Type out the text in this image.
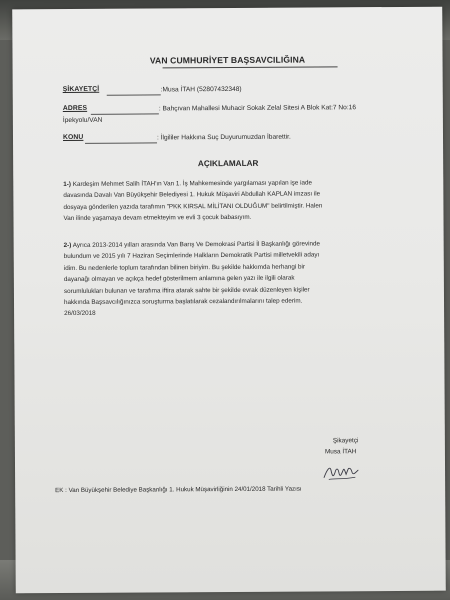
VAN CUMHURİYET BAŞSAVCILIĞINA
ŞİKAYETÇİ	:Musa İTAH (52807432348)
ADRES	: Bahçıvan Mahallesi Muhacir Sokak Zelal Sitesi A Blok Kat:7 No:16
İpekyolu/VAN
KONU	: İlgililer Hakkına Suç Duyurumuzdan İbarettir.
AÇIKLAMALAR
1-) Kardeşim Mehmet Salih İTAH'ın Van 1. İş Mahkemesinde yargılaması yapılan işe iade
davasında Davalı Van Büyükşehir Belediyesi 1. Hukuk Müşaviri Abdullah KAPLAN imzası ile
dosyaya gönderilen yazıda tarafımın "PKK KIRSAL MİLİTANI OLDUĞUM" belirtilmiştir. Halen
Van ilinde yaşamaya devam etmekteyim ve evli 3 çocuk babasıyım.
2-) Ayrıca 2013-2014 yılları arasında Van Barış Ve Demokrasi Partisi İl Başkanlığı görevinde
bulundum ve 2015 yılı 7 Haziran Seçimlerinde Halkların Demokratik Partisi milletvekili adayı
idim. Bu nedenlerle toplum tarafından bilinen biriyim. Bu şekilde hakkımda herhangi bir
dayanağı olmayan ve açıkça hedef gösterilmem anlamına gelen yazı ile ilgili olarak
sorumlulukları bulunan ve tarafıma iftira atarak sahte bir şekilde evrak düzenleyen kişiler
hakkında Başsavcılığınızca soruşturma başlatılarak cezalandırılmalarını talep ederim.
26/03/2018
Şikayetçi
Musa İTAH
EK : Van Büyükşehir Belediye Başkanlığı 1. Hukuk Müşavirliğinin 24/01/2018 Tarihli Yazısı
